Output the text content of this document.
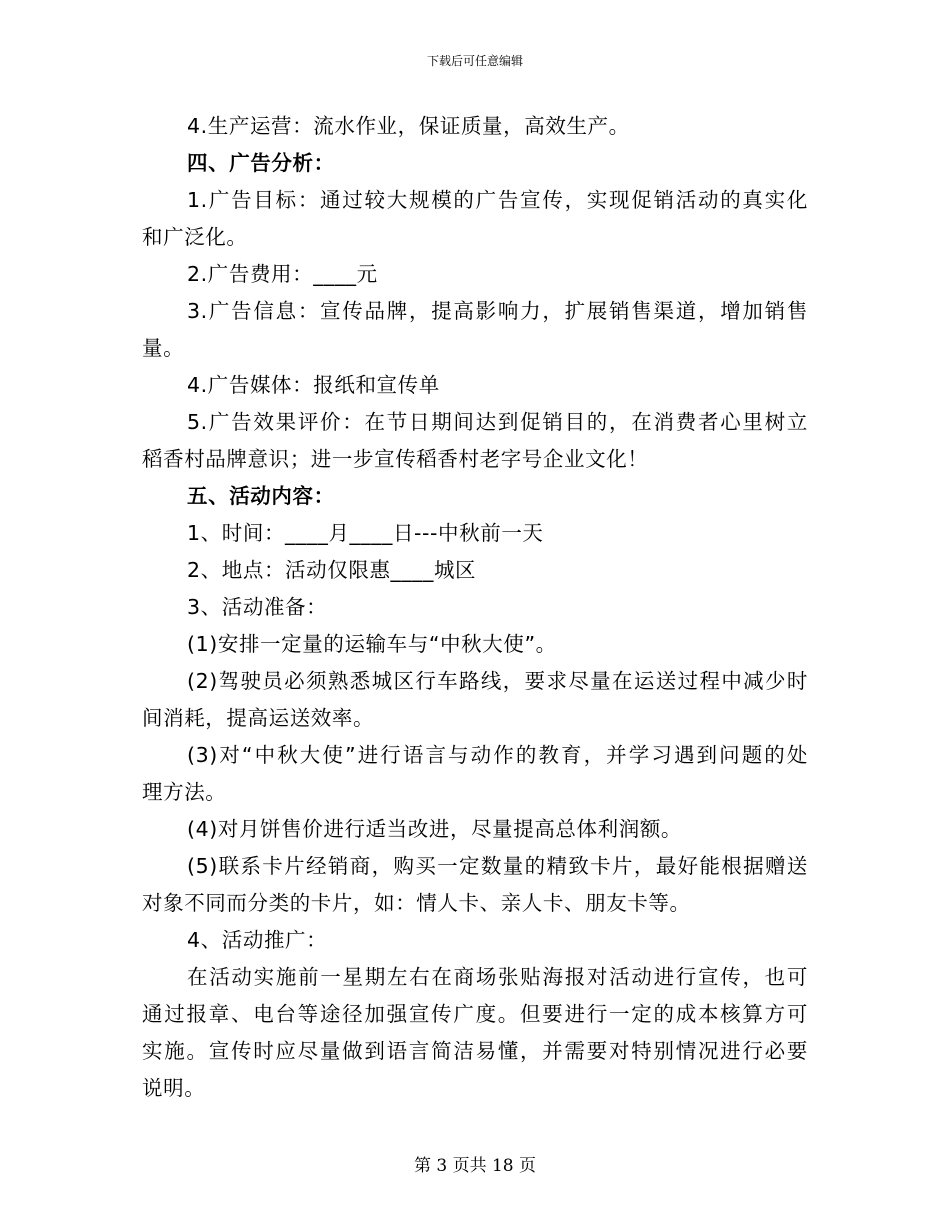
下载后可任意编辑
4.生产运营：流水作业，保证质量，高效生产。
四、广告分析：
1.广告目标：通过较大规模的广告宣传，实现促销活动的真实化
和广泛化。
2.广告费用：____元
3.广告信息：宣传品牌，提高影响力，扩展销售渠道，增加销售
量。
4.广告媒体：报纸和宣传单
5.广告效果评价：在节日期间达到促销目的，在消费者心里树立
稻香村品牌意识；进一步宣传稻香村老字号企业文化！
五、活动内容：
1、时间：____月____日---中秋前一天
2、地点：活动仅限惠____城区
3、活动准备：
(1)安排一定量的运输车与“中秋大使”。
(2)驾驶员必须熟悉城区行车路线，要求尽量在运送过程中减少时
间消耗，提高运送效率。
(3)对“中秋大使”进行语言与动作的教育，并学习遇到问题的处
理方法。
(4)对月饼售价进行适当改进，尽量提高总体利润额。
(5)联系卡片经销商，购买一定数量的精致卡片，最好能根据赠送
对象不同而分类的卡片，如：情人卡、亲人卡、朋友卡等。
4、活动推广：
在活动实施前一星期左右在商场张贴海报对活动进行宣传，也可
通过报章、电台等途径加强宣传广度。但要进行一定的成本核算方可
实施。宣传时应尽量做到语言简洁易懂，并需要对特别情况进行必要
说明。
第 3 页共 18 页
